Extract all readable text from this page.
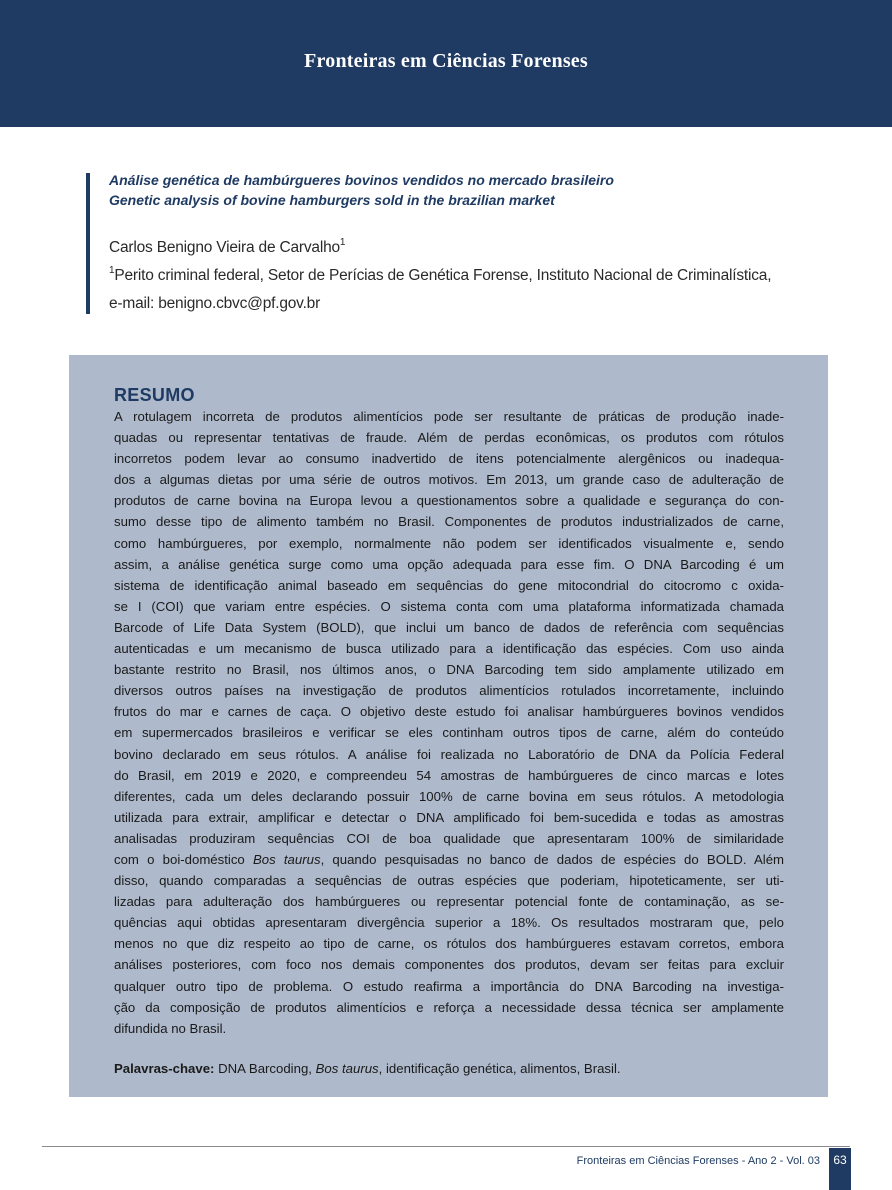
Fronteiras em Ciências Forenses
Análise genética de hambúrgueres bovinos vendidos no mercado brasileiro
Genetic analysis of bovine hamburgers sold in the brazilian market
Carlos Benigno Vieira de Carvalho$^1$
$^1$Perito criminal federal, Setor de Perícias de Genética Forense, Instituto Nacional de Criminalística,
e-mail: benigno.cbvc@pf.gov.br
RESUMO
A rotulagem incorreta de produtos alimentícios pode ser resultante de práticas de produção inade-
quadas ou representar tentativas de fraude. Além de perdas econômicas, os produtos com rótulos
incorretos podem levar ao consumo inadvertido de itens potencialmente alergênicos ou inadequa-
dos a algumas dietas por uma série de outros motivos. Em 2013, um grande caso de adulteração de
produtos de carne bovina na Europa levou a questionamentos sobre a qualidade e segurança do con-
sumo desse tipo de alimento também no Brasil. Componentes de produtos industrializados de carne,
como hambúrgueres, por exemplo, normalmente não podem ser identificados visualmente e, sendo
assim, a análise genética surge como uma opção adequada para esse fim. O DNA Barcoding é um
sistema de identificação animal baseado em sequências do gene mitocondrial do citocromo c oxida-
se I (COI) que variam entre espécies. O sistema conta com uma plataforma informatizada chamada
Barcode of Life Data System (BOLD), que inclui um banco de dados de referência com sequências
autenticadas e um mecanismo de busca utilizado para a identificação das espécies. Com uso ainda
bastante restrito no Brasil, nos últimos anos, o DNA Barcoding tem sido amplamente utilizado em
diversos outros países na investigação de produtos alimentícios rotulados incorretamente, incluindo
frutos do mar e carnes de caça. O objetivo deste estudo foi analisar hambúrgueres bovinos vendidos
em supermercados brasileiros e verificar se eles continham outros tipos de carne, além do conteúdo
bovino declarado em seus rótulos. A análise foi realizada no Laboratório de DNA da Polícia Federal
do Brasil, em 2019 e 2020, e compreendeu 54 amostras de hambúrgueres de cinco marcas e lotes
diferentes, cada um deles declarando possuir 100% de carne bovina em seus rótulos. A metodologia
utilizada para extrair, amplificar e detectar o DNA amplificado foi bem-sucedida e todas as amostras
analisadas produziram sequências COI de boa qualidade que apresentaram 100% de similaridade
com o boi-doméstico Bos taurus, quando pesquisadas no banco de dados de espécies do BOLD. Além
disso, quando comparadas a sequências de outras espécies que poderiam, hipoteticamente, ser uti-
lizadas para adulteração dos hambúrgueres ou representar potencial fonte de contaminação, as se-
quências aqui obtidas apresentaram divergência superior a 18%. Os resultados mostraram que, pelo
menos no que diz respeito ao tipo de carne, os rótulos dos hambúrgueres estavam corretos, embora
análises posteriores, com foco nos demais componentes dos produtos, devam ser feitas para excluir
qualquer outro tipo de problema. O estudo reafirma a importância do DNA Barcoding na investiga-
ção da composição de produtos alimentícios e reforça a necessidade dessa técnica ser amplamente
difundida no Brasil.
Palavras-chave: DNA Barcoding, Bos taurus, identificação genética, alimentos, Brasil.
Fronteiras em Ciências Forenses - Ano 2 - Vol. 03	63
